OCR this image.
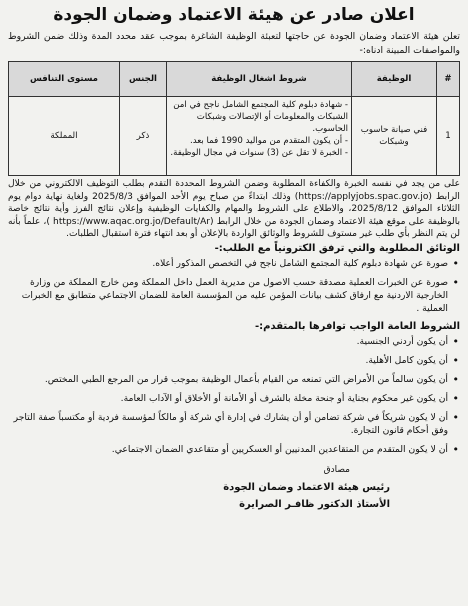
اعلان صادر عن هيئة الاعتماد وضمان الجودة

تعلن هيئة الاعتماد وضمان الجودة عن حاجتها لتعبئة الوظيفة الشاغرة بموجب عقد محدد المدة وذلك ضمن الشروط والمواصفات المبينة ادناه:-

#	الوظيفة	شروط اشغال الوظيفة	الجنس	مستوى التنافس
1	فني صيانة حاسوب وشبكات	- شهادة دبلوم كلية المجتمع الشامل ناجح في امن الشبكات والمعلومات أو الإتصالات وشبكات الحاسوب.
- أن يكون المتقدم من مواليد 1990 فما بعد.
- الخبرة لا تقل عن (3) سنوات في مجال الوظيفة.	ذكر	المملكة

على من يجد في نفسه الخبرة والكفاءة المطلوبة وضمن الشروط المحددة التقدم بطلب التوظيف الالكتروني من خلال الرابط (https://applyjobs.spac.gov.jo) وذلك ابتداءً من صباح يوم الأحد الموافق 2025/8/3 ولغاية نهاية دوام يوم الثلاثاء الموافق 2025/8/12، والاطلاع على الشروط والمهام والكفايات الوظيفية وإعلان نتائج الفرز وأية نتائج خاصة بالوظيفة على موقع هيئة الاعتماد وضمان الجودة من خلال الرابط ( https://www.aqac.org.jo/Default/Ar)، علماً بأنه لن يتم النظر بأي طلب غير مستوف للشروط والوثائق الواردة بالإعلان أو بعد انتهاء فترة استقبال الطلبات.

الوثائق المطلوبة والتي ترفق الكترونياً مع الطلب:-
• صورة عن شهادة دبلوم كلية المجتمع الشامل ناجح في التخصص المذكور أعلاه.
• صورة عن الخبرات العملية مصدقة حسب الاصول من مديرية العمل داخل المملكة ومن خارج المملكة من وزارة الخارجية الاردنية مع ارفاق كشف بيانات المؤمن عليه من المؤسسة العامة للضمان الاجتماعي متطابق مع الخبرات العملية .
الشروط العامة الواجب توافرها بالمتقدم:-
• أن يكون أردني الجنسية.
• أن يكون كامل الأهلية.
• أن يكون سالماً من الأمراض التي تمنعه من القيام بأعمال الوظيفة بموجب قرار من المرجع الطبي المختص.
• أن يكون غير محكوم بجناية أو جنحة مخلة بالشرف أو الأمانة أو الأخلاق أو الآداب العامة.
• أن لا يكون شريكاً في شركة تضامن أو أن يشارك في إدارة أي شركة أو مالكاً لمؤسسة فردية أو مكتسباً صفة التاجر وفق أحكام قانون التجارة.
• أن لا يكون المتقدم من المتقاعدين المدنيين أو العسكريين أو متقاعدي الضمان الاجتماعي.
مصادق
رئيس هيئة الاعتماد وضمان الجودة
الأستاذ الدكتور ظافـر الصرايرة
